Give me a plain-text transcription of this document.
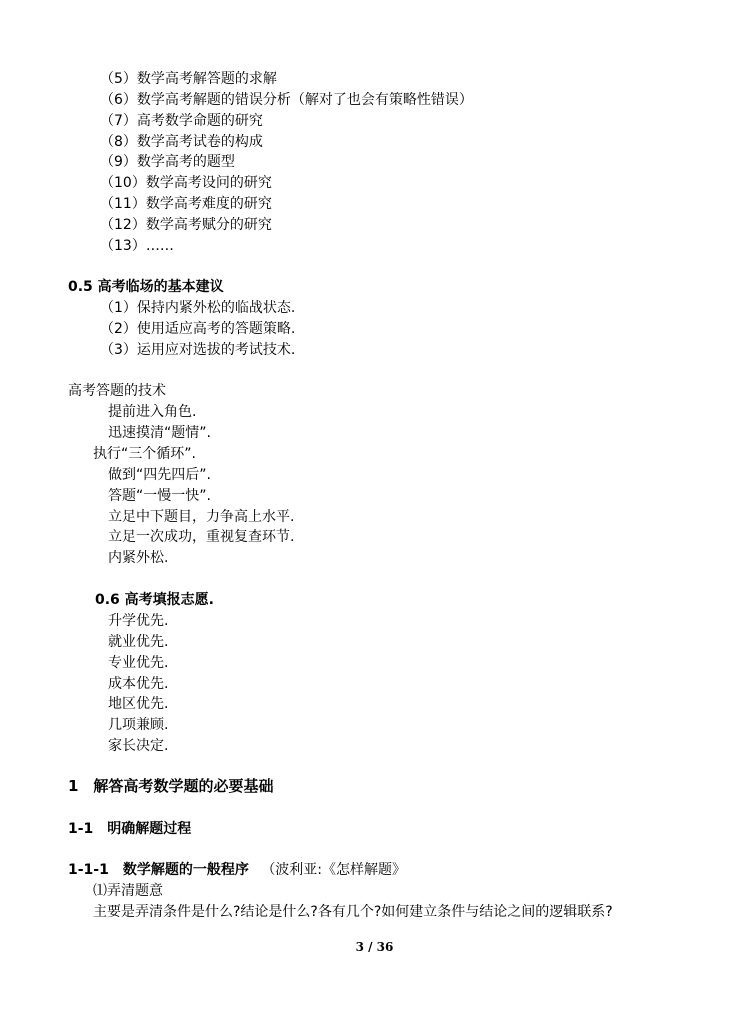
（5）数学高考解答题的求解
（6）数学高考解题的错误分析（解对了也会有策略性错误）
（7）高考数学命题的研究
（8）数学高考试卷的构成
（9）数学高考的题型
（10）数学高考设问的研究
（11）数学高考难度的研究
（12）数学高考赋分的研究
（13）……
0.5 高考临场的基本建议
（1）保持内紧外松的临战状态.
（2）使用适应高考的答题策略.
（3）运用应对选拔的考试技术.
高考答题的技术
提前进入角色.
迅速摸清“题情”.
执行“三个循环”.
做到“四先四后”.
答题“一慢一快”.
立足中下题目，力争高上水平.
立足一次成功，重视复查环节.
内紧外松.
0.6 高考填报志愿.
升学优先.
就业优先.
专业优先.
成本优先.
地区优先.
几项兼顾.
家长决定.
1　解答高考数学题的必要基础
1-1　明确解题过程
1-1-1　数学解题的一般程序 （波利亚:《怎样解题》
⑴弄清题意
主要是弄清条件是什么?结论是什么?各有几个?如何建立条件与结论之间的逻辑联系?
3 / 36
